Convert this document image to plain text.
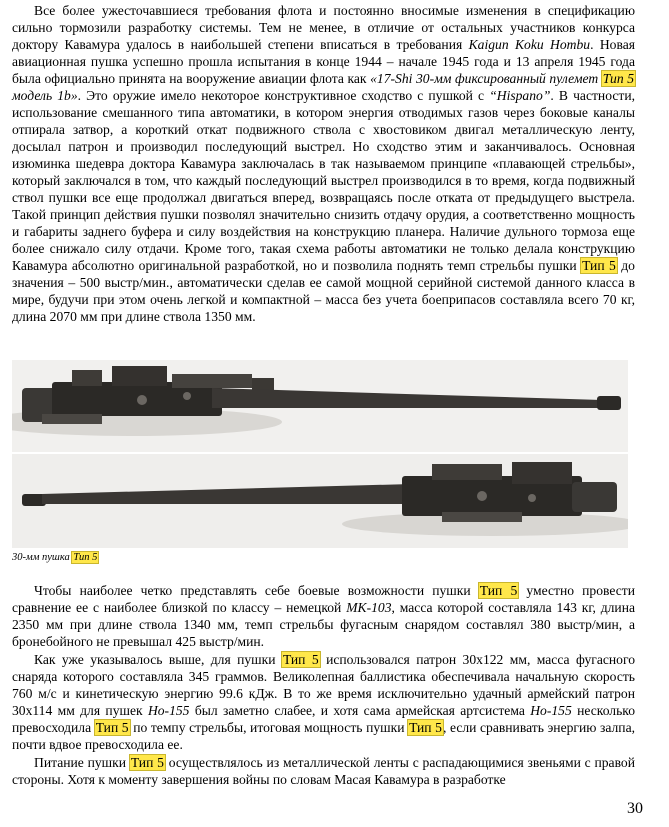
Все более ужесточавшиеся требования флота и постоянно вносимые изменения в спецификацию сильно тормозили разработку системы. Тем не менее, в отличие от остальных участников конкурса доктору Кавамура удалось в наибольшей степени вписаться в требования Kaigun Koku Hombu. Новая авиационная пушка успешно прошла испытания в конце 1944 – начале 1945 года и 13 апреля 1945 года была официально принята на вооружение авиации флота как «17-Shi 30-мм фиксированный пулемет Тип 5 модель 1b». Это оружие имело некоторое конструктивное сходство с пушкой с “Hispano”. В частности, использование смешанного типа автоматики, в котором энергия отводимых газов через боковые каналы отпирала затвор, а короткий откат подвижного ствола с хвостовиком двигал металлическую ленту, досылал патрон и производил последующий выстрел. Но сходство этим и заканчивалось. Основная изюминка шедевра доктора Кавамура заключалась в так называемом принципе «плавающей стрельбы», который заключался в том, что каждый последующий выстрел производился в то время, когда подвижный ствол пушки все еще продолжал двигаться вперед, возвращаясь после отката от предыдущего выстрела. Такой принцип действия пушки позволял значительно снизить отдачу орудия, а соответственно мощность и габариты заднего буфера и силу воздействия на конструкцию планера. Наличие дульного тормоза еще более снижало силу отдачи. Кроме того, такая схема работы автоматики не только делала конструкцию Кавамура абсолютно оригинальной разработкой, но и позволила поднять темп стрельбы пушки Тип 5 до значения – 500 выстр/мин., автоматически сделав ее самой мощной серийной системой данного класса в мире, будучи при этом очень легкой и компактной – масса без учета боеприпасов составляла всего 70 кг, длина 2070 мм при длине ствола 1350 мм.

30-мм пушка Тип 5

Чтобы наиболее четко представлять себе боевые возможности пушки Тип 5 уместно провести сравнение ее с наиболее близкой по классу – немецкой MK-103, масса которой составляла 143 кг, длина 2350 мм при длине ствола 1340 мм, темп стрельбы фугасным снарядом составлял 380 выстр/мин, а бронебойного не превышал 425 выстр/мин.

Как уже указывалось выше, для пушки Тип 5 использовался патрон 30x122 мм, масса фугасного снаряда которого составляла 345 граммов. Великолепная баллистика обеспечивала начальную скорость 760 м/с и кинетическую энергию 99.6 кДж. В то же время исключительно удачный армейский патрон 30x114 мм для пушек Ho-155 был заметно слабее, и хотя сама армейская артсистема Ho-155 несколько превосходила Тип 5 по темпу стрельбы, итоговая мощность пушки Тип 5, если сравнивать энергию залпа, почти вдвое превосходила ее.

Питание пушки Тип 5 осуществлялось из металлической ленты с распадающимися звеньями с правой стороны. Хотя к моменту завершения войны по словам Масая Кавамура в разработке

30
